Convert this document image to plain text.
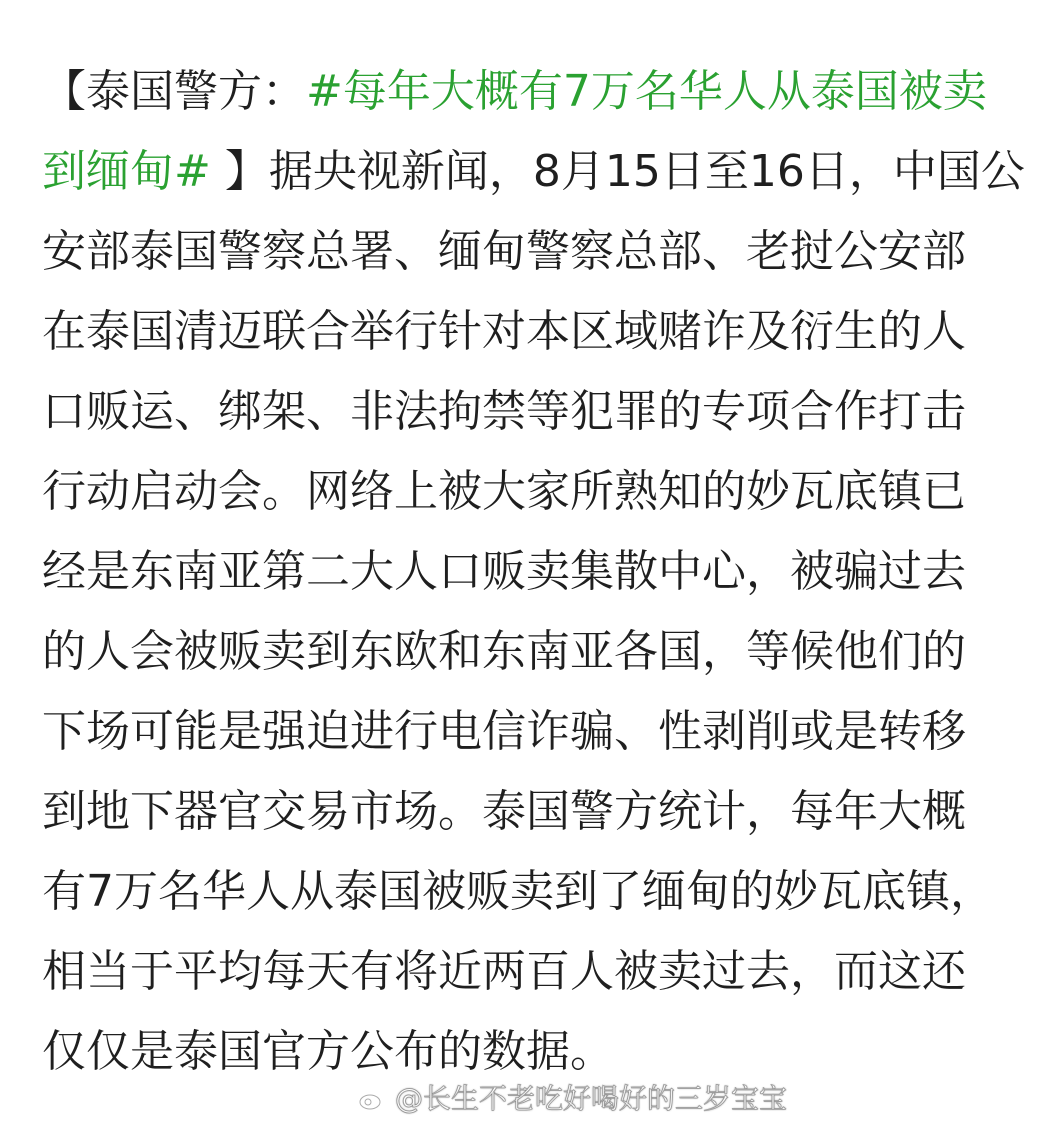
【泰国警方：#每年大概有7万名华人从泰国被卖
到缅甸# 】据央视新闻，8月15日至16日，中国公
安部泰国警察总署、缅甸警察总部、老挝公安部
在泰国清迈联合举行针对本区域赌诈及衍生的人
口贩运、绑架、非法拘禁等犯罪的专项合作打击
行动启动会。网络上被大家所熟知的妙瓦底镇已
经是东南亚第二大人口贩卖集散中心，被骗过去
的人会被贩卖到东欧和东南亚各国，等候他们的
下场可能是强迫进行电信诈骗、性剥削或是转移
到地下器官交易市场。泰国警方统计，每年大概
有7万名华人从泰国被贩卖到了缅甸的妙瓦底镇，
相当于平均每天有将近两百人被卖过去，而这还
仅仅是泰国官方公布的数据。
@长生不老吃好喝好的三岁宝宝
